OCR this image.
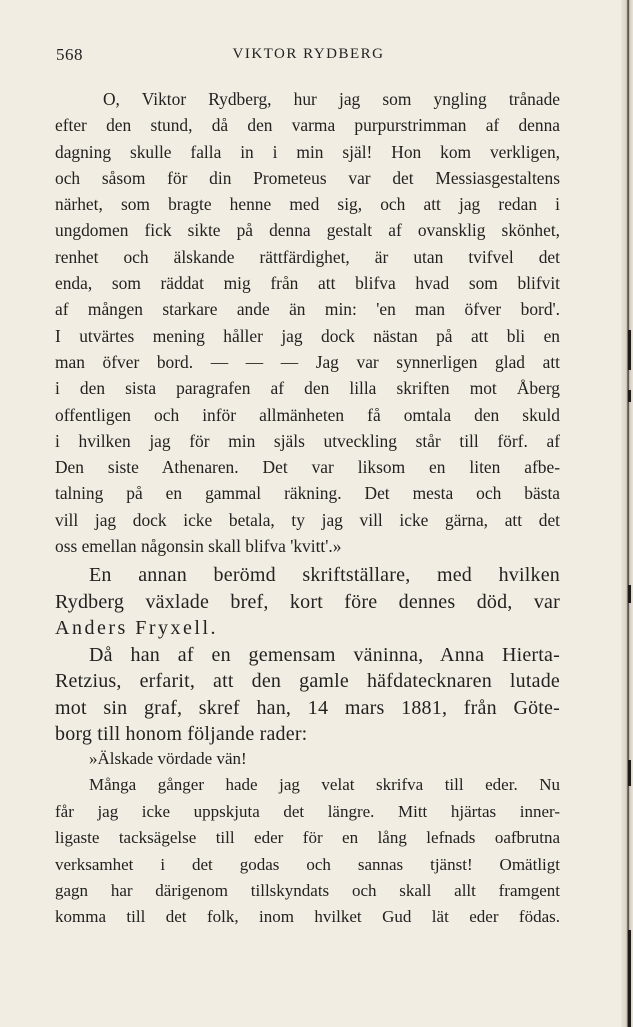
568	VIKTOR RYDBERG
O, Viktor Rydberg, hur jag som yngling trånade
efter den stund, då den varma purpurstrimman af denna
dagning skulle falla in i min själ! Hon kom verkligen,
och såsom för din Prometeus var det Messiasgestaltens
närhet, som bragte henne med sig, och att jag redan i
ungdomen fick sikte på denna gestalt af ovansklig skönhet,
renhet och älskande rättfärdighet, är utan tvifvel det
enda, som räddat mig från att blifva hvad som blifvit
af mången starkare ande än min: 'en man öfver bord'.
I utvärtes mening håller jag dock nästan på att bli en
man öfver bord. — — — Jag var synnerligen glad att
i den sista paragrafen af den lilla skriften mot Åberg
offentligen och inför allmänheten få omtala den skuld
i hvilken jag för min själs utveckling står till förf. af
Den siste Athenaren. Det var liksom en liten afbe-
talning på en gammal räkning. Det mesta och bästa
vill jag dock icke betala, ty jag vill icke gärna, att det
oss emellan någonsin skall blifva 'kvitt'.»
En annan berömd skriftställare, med hvilken
Rydberg växlade bref, kort före dennes död, var
Anders Fryxell.
Då han af en gemensam väninna, Anna Hierta-
Retzius, erfarit, att den gamle häfdatecknaren lutade
mot sin graf, skref han, 14 mars 1881, från Göte-
borg till honom följande rader:
»Älskade vördade vän!
Många gånger hade jag velat skrifva till eder. Nu
får jag icke uppskjuta det längre. Mitt hjärtas inner-
ligaste tacksägelse till eder för en lång lefnads oafbrutna
verksamhet i det godas och sannas tjänst! Omätligt
gagn har därigenom tillskyndats och skall allt framgent
komma till det folk, inom hvilket Gud lät eder födas.
